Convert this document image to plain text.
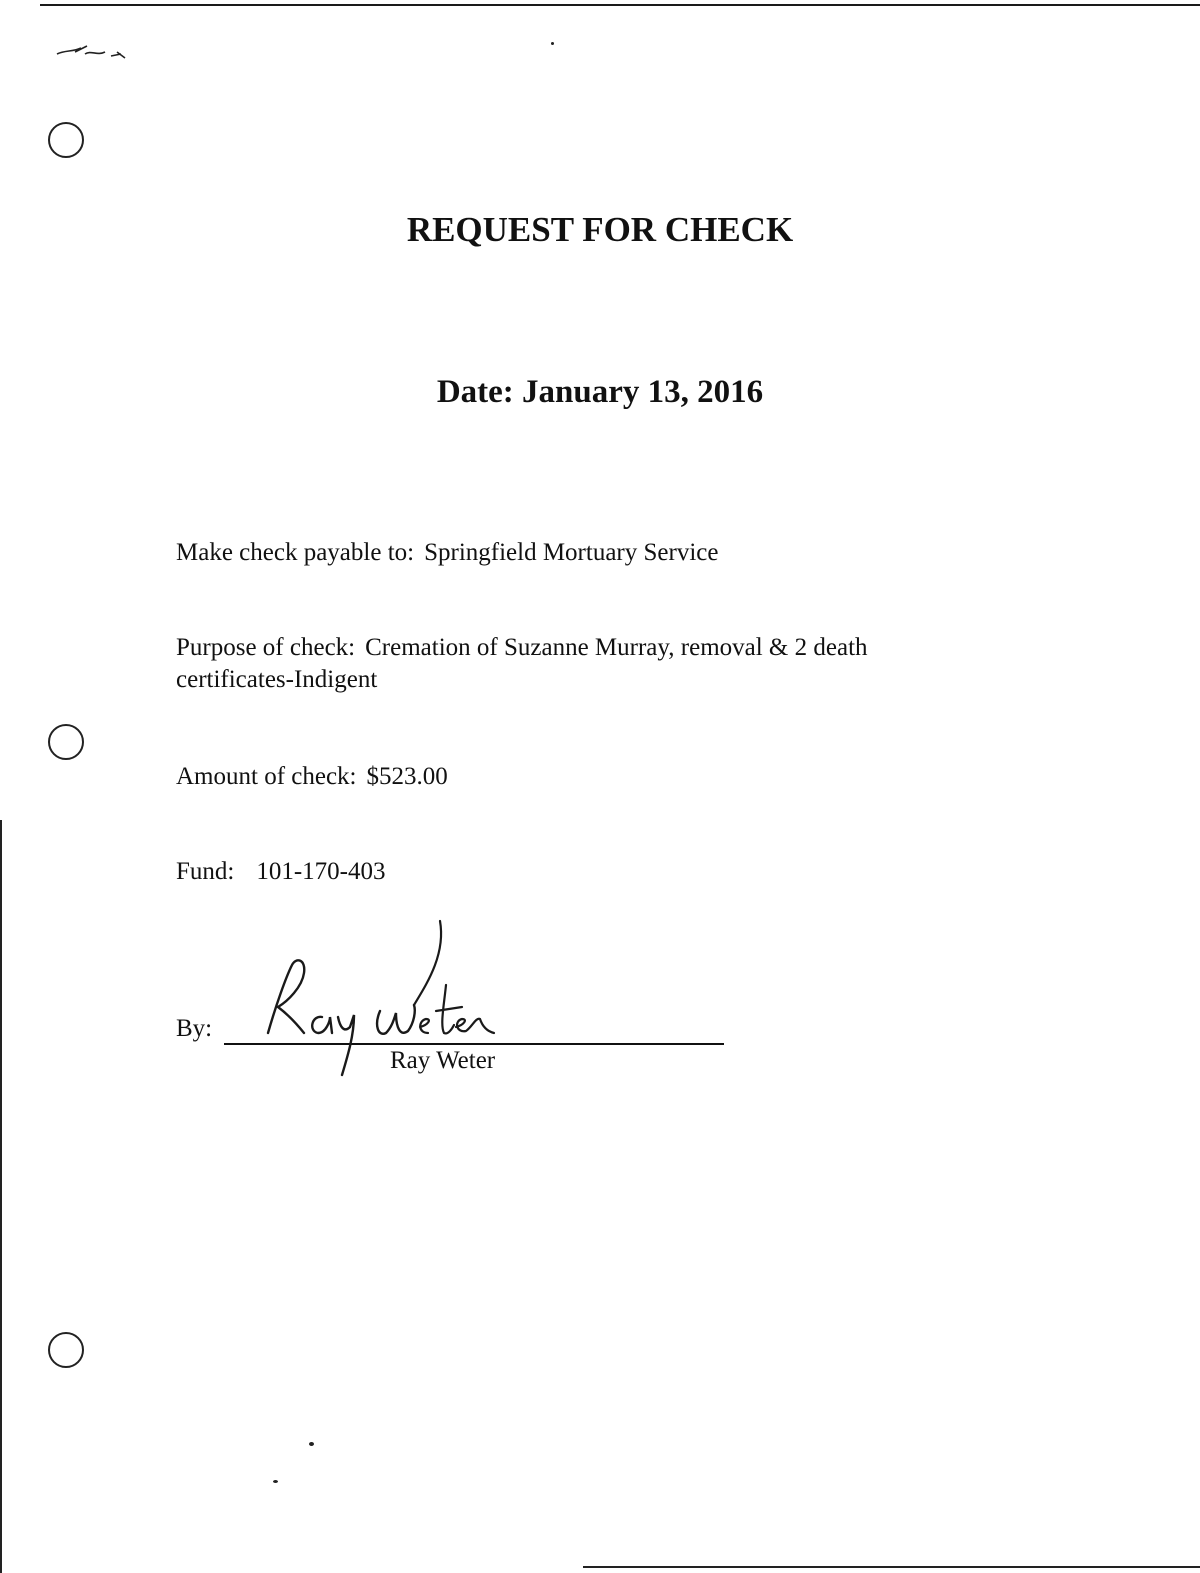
REQUEST FOR CHECK
Date: January 13, 2016
Make check payable to: Springfield Mortuary Service
Purpose of check: Cremation of Suzanne Murray, removal & 2 death
certificates-Indigent
Amount of check: $523.00
Fund: 101-170-403
By:
Ray Weter
